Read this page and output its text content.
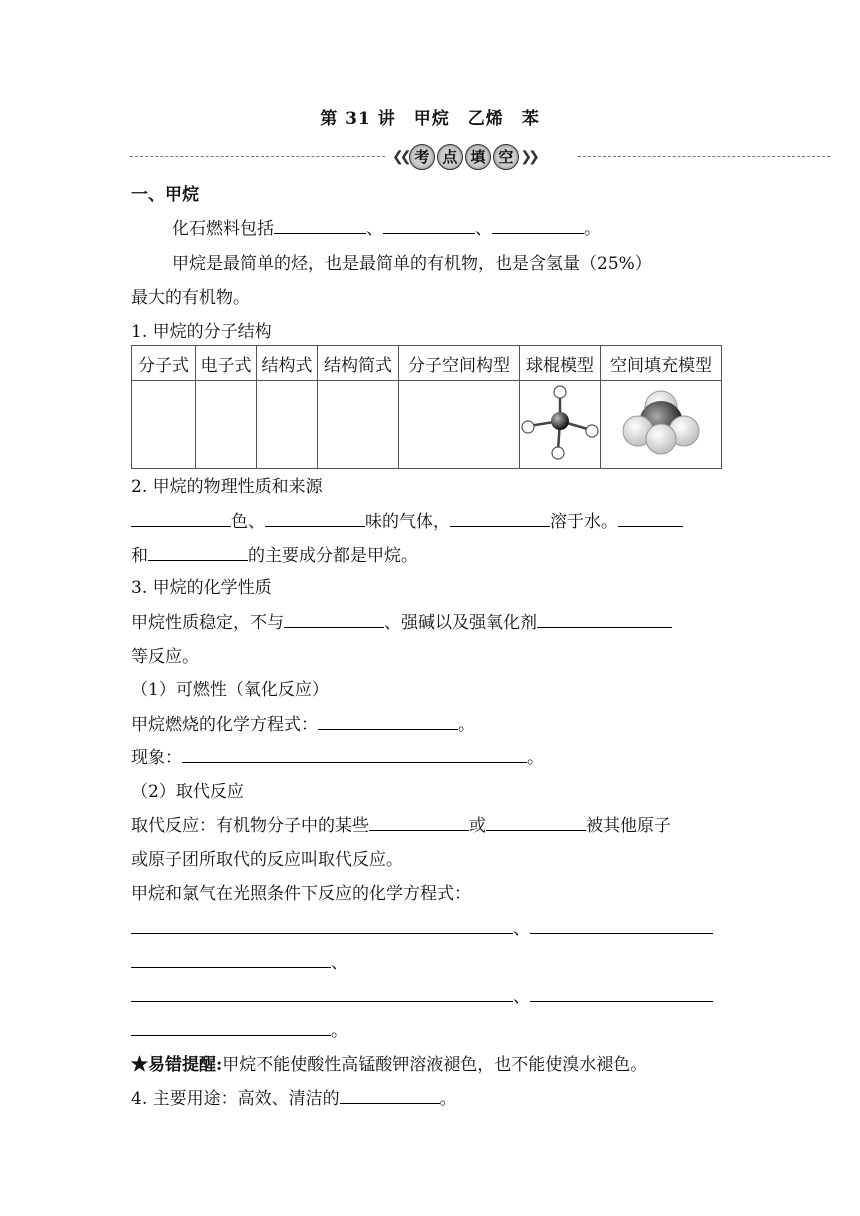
第 31 讲　甲烷　乙烯　苯
❮❮ 考 点 填 空 ❯❯
一、甲烷
化石燃料包括	、	、	。
甲烷是最简单的烃，也是最简单的有机物，也是含氢量（25%）
最大的有机物。
1. 甲烷的分子结构
分子式	电子式	结构式	结构简式	分子空间构型	球棍模型	空间填充模型

2. 甲烷的物理性质和来源
色、	味的气体，	溶于水。
和	的主要成分都是甲烷。
3. 甲烷的化学性质
甲烷性质稳定，不与	、强碱以及强氧化剂
等反应。
（1）可燃性（氧化反应）
甲烷燃烧的化学方程式：	。
现象：	。
（2）取代反应
取代反应：有机物分子中的某些	或	被其他原子
或原子团所取代的反应叫取代反应。
甲烷和氯气在光照条件下反应的化学方程式：
、
、
、
。
★易错提醒:甲烷不能使酸性高锰酸钾溶液褪色，也不能使溴水褪色。
4. 主要用途：高效、清洁的	。
